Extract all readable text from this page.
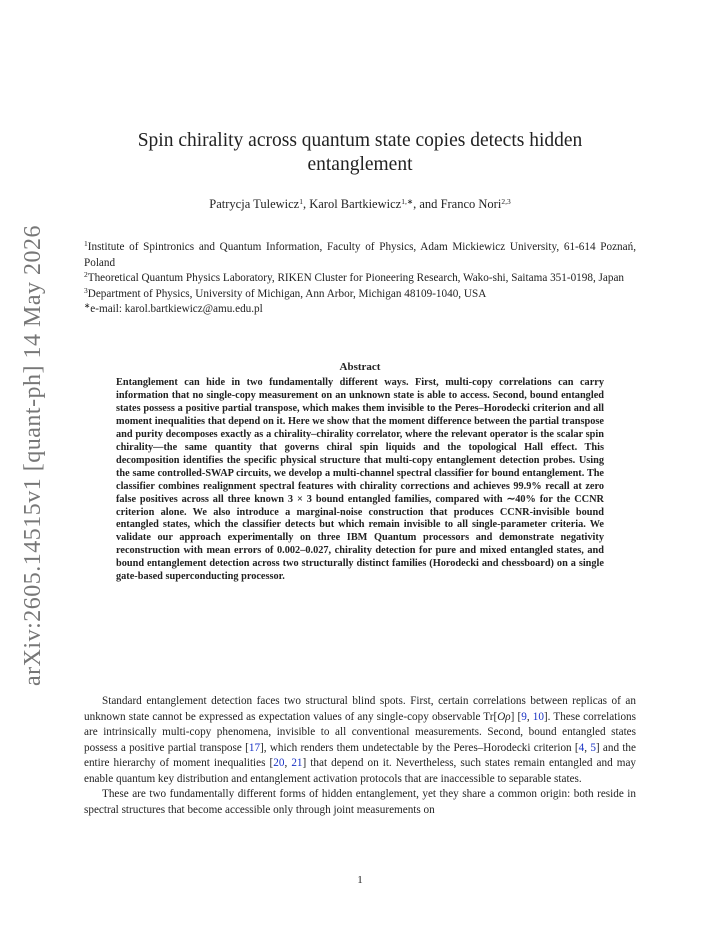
arXiv:2605.14515v1 [quant-ph] 14 May 2026
Spin chirality across quantum state copies detects hidden entanglement
Patrycja Tulewicz$^1$, Karol Bartkiewicz$^{1,∗}$, and Franco Nori$^{2,3}$

$^1$Institute of Spintronics and Quantum Information, Faculty of Physics, Adam Mickiewicz University, 61-614 Poznań, Poland

$^2$Theoretical Quantum Physics Laboratory, RIKEN Cluster for Pioneering Research, Wako-shi, Saitama 351-0198, Japan

$^3$Department of Physics, University of Michigan, Ann Arbor, Michigan 48109-1040, USA

∗e-mail: karol.bartkiewicz@amu.edu.pl

Abstract

Entanglement can hide in two fundamentally different ways. First, multi-copy correlations can carry information that no single-copy measurement on an unknown state is able to access. Second, bound entangled states possess a positive partial transpose, which makes them invisible to the Peres–Horodecki criterion and all moment inequalities that depend on it. Here we show that the moment difference between the partial transpose and purity decomposes exactly as a chirality–chirality correlator, where the relevant operator is the scalar spin chirality—the same quantity that governs chiral spin liquids and the topological Hall effect. This decomposition identifies the specific physical structure that multi-copy entanglement detection probes. Using the same controlled-SWAP circuits, we develop a multi-channel spectral classifier for bound entanglement. The classifier combines realignment spectral features with chirality corrections and achieves 99.9% recall at zero false positives across all three known 3 × 3 bound entangled families, compared with ∼40% for the CCNR criterion alone. We also introduce a marginal-noise construction that produces CCNR-invisible bound entangled states, which the classifier detects but which remain invisible to all single-parameter criteria. We validate our approach experimentally on three IBM Quantum processors and demonstrate negativity reconstruction with mean errors of 0.002–0.027, chirality detection for pure and mixed entangled states, and bound entanglement detection across two structurally distinct families (Horodecki and chessboard) on a single gate-based superconducting processor.

Standard entanglement detection faces two structural blind spots. First, certain correlations between replicas of an unknown state cannot be expressed as expectation values of any single-copy observable Tr[Oρ] [9, 10]. These correlations are intrinsically multi-copy phenomena, invisible to all conventional measurements. Second, bound entangled states possess a positive partial transpose [17], which renders them undetectable by the Peres–Horodecki criterion [4, 5] and the entire hierarchy of moment inequalities [20, 21] that depend on it. Nevertheless, such states remain entangled and may enable quantum key distribution and entanglement activation protocols that are inaccessible to separable states.

These are two fundamentally different forms of hidden entanglement, yet they share a common origin: both reside in spectral structures that become accessible only through joint measurements on

1
